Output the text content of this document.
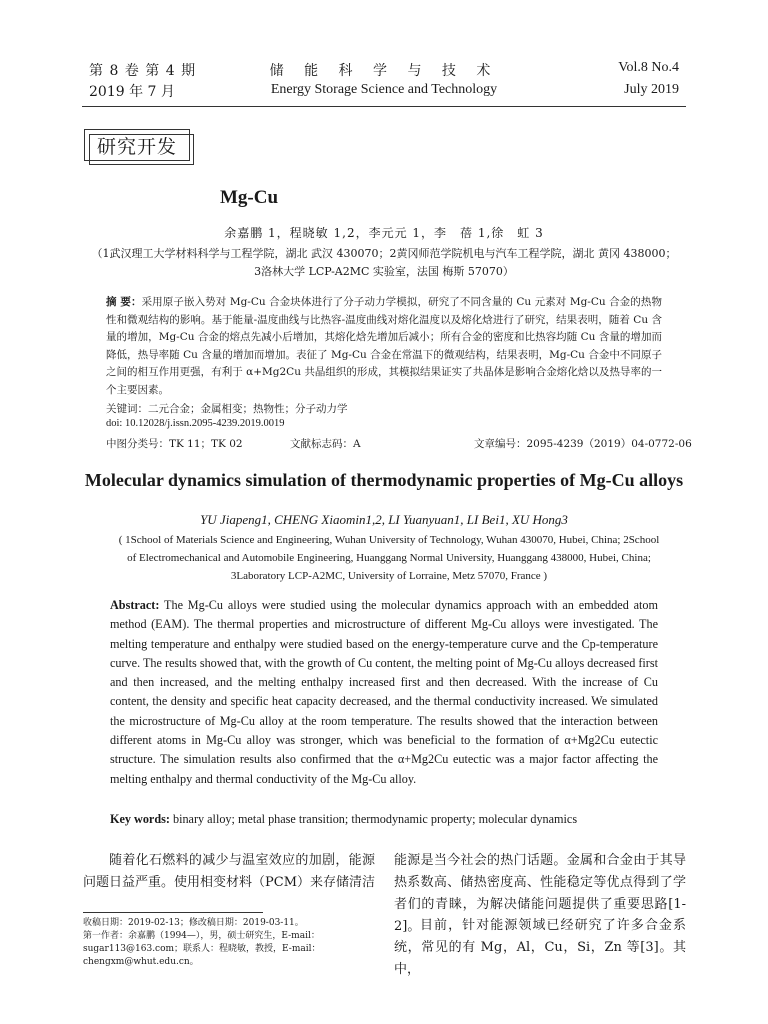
第 8 卷 第 4 期
2019 年 7 月
储 能 科 学 与 技 术
Energy Storage Science and Technology
Vol.8 No.4
July 2019
研究开发
Mg-Cu
余嘉鹏 1，程晓敏 1,2，李元元 1，李　蓓 1,徐　虹 3
（1武汉理工大学材料科学与工程学院，湖北 武汉 430070；2黄冈师范学院机电与汽车工程学院，湖北 黄冈 438000；
3洛林大学 LCP-A2MC 实验室，法国 梅斯 57070）
摘 要：采用原子嵌入势对 Mg-Cu 合金块体进行了分子动力学模拟，研究了不同含量的 Cu 元素对 Mg-Cu 合金的热物性和微观结构的影响。基于能量-温度曲线与比热容-温度曲线对熔化温度以及熔化焓进行了研究，结果表明，随着 Cu 含量的增加，Mg-Cu 合金的熔点先减小后增加，其熔化焓先增加后减小；所有合金的密度和比热容均随 Cu 含量的增加而降低，热导率随 Cu 含量的增加而增加。表征了 Mg-Cu 合金在常温下的微观结构，结果表明，Mg-Cu 合金中不同原子之间的相互作用更强，有利于 α+Mg2Cu 共晶组织的形成，其模拟结果证实了共晶体是影响合金熔化焓以及热导率的一个主要因素。
关键词：二元合金；金属相变；热物性；分子动力学
doi: 10.12028/j.issn.2095-4239.2019.0019
中图分类号：TK 11；TK 02	文献标志码：A	文章编号：2095-4239（2019）04-0772-06
Molecular dynamics simulation of thermodynamic properties of Mg-Cu alloys
YU Jiapeng1, CHENG Xiaomin1,2, LI Yuanyuan1, LI Bei1, XU Hong3
( 1School of Materials Science and Engineering, Wuhan University of Technology, Wuhan 430070, Hubei, China; 2School
of Electromechanical and Automobile Engineering, Huanggang Normal University, Huanggang 438000, Hubei, China;
3Laboratory LCP-A2MC, University of Lorraine, Metz 57070, France )
Abstract: The Mg-Cu alloys were studied using the molecular dynamics approach with an embedded atom method (EAM). The thermal properties and microstructure of different Mg-Cu alloys were investigated. The melting temperature and enthalpy were studied based on the energy-temperature curve and the Cp-temperature curve. The results showed that, with the growth of Cu content, the melting point of Mg-Cu alloys decreased first and then increased, and the melting enthalpy increased first and then decreased. With the increase of Cu content, the density and specific heat capacity decreased, and the thermal conductivity increased. We simulated the microstructure of Mg-Cu alloy at the room temperature. The results showed that the interaction between different atoms in Mg-Cu alloy was stronger, which was beneficial to the formation of α+Mg2Cu eutectic structure. The simulation results also confirmed that the α+Mg2Cu eutectic was a major factor affecting the melting enthalpy and thermal conductivity of the Mg-Cu alloy.
Key words: binary alloy; metal phase transition; thermodynamic property; molecular dynamics
随着化石燃料的减少与温室效应的加剧，能源问题日益严重。使用相变材料（PCM）来存储清洁
能源是当今社会的热门话题。金属和合金由于其导热系数高、储热密度高、性能稳定等优点得到了学者们的青睐，为解决储能问题提供了重要思路[1-2]。 目前，针对能源领域已经研究了许多合金系统，常见的有 Mg，Al，Cu，Si，Zn 等[3]。其中，
收稿日期：2019-02-13；修改稿日期：2019-03-11。
第一作者：余嘉鹏（1994—），男，硕士研究生，E-mail：sugar113@163.com；联系人：程晓敏，教授，E-mail：chengxm@whut.edu.cn。
